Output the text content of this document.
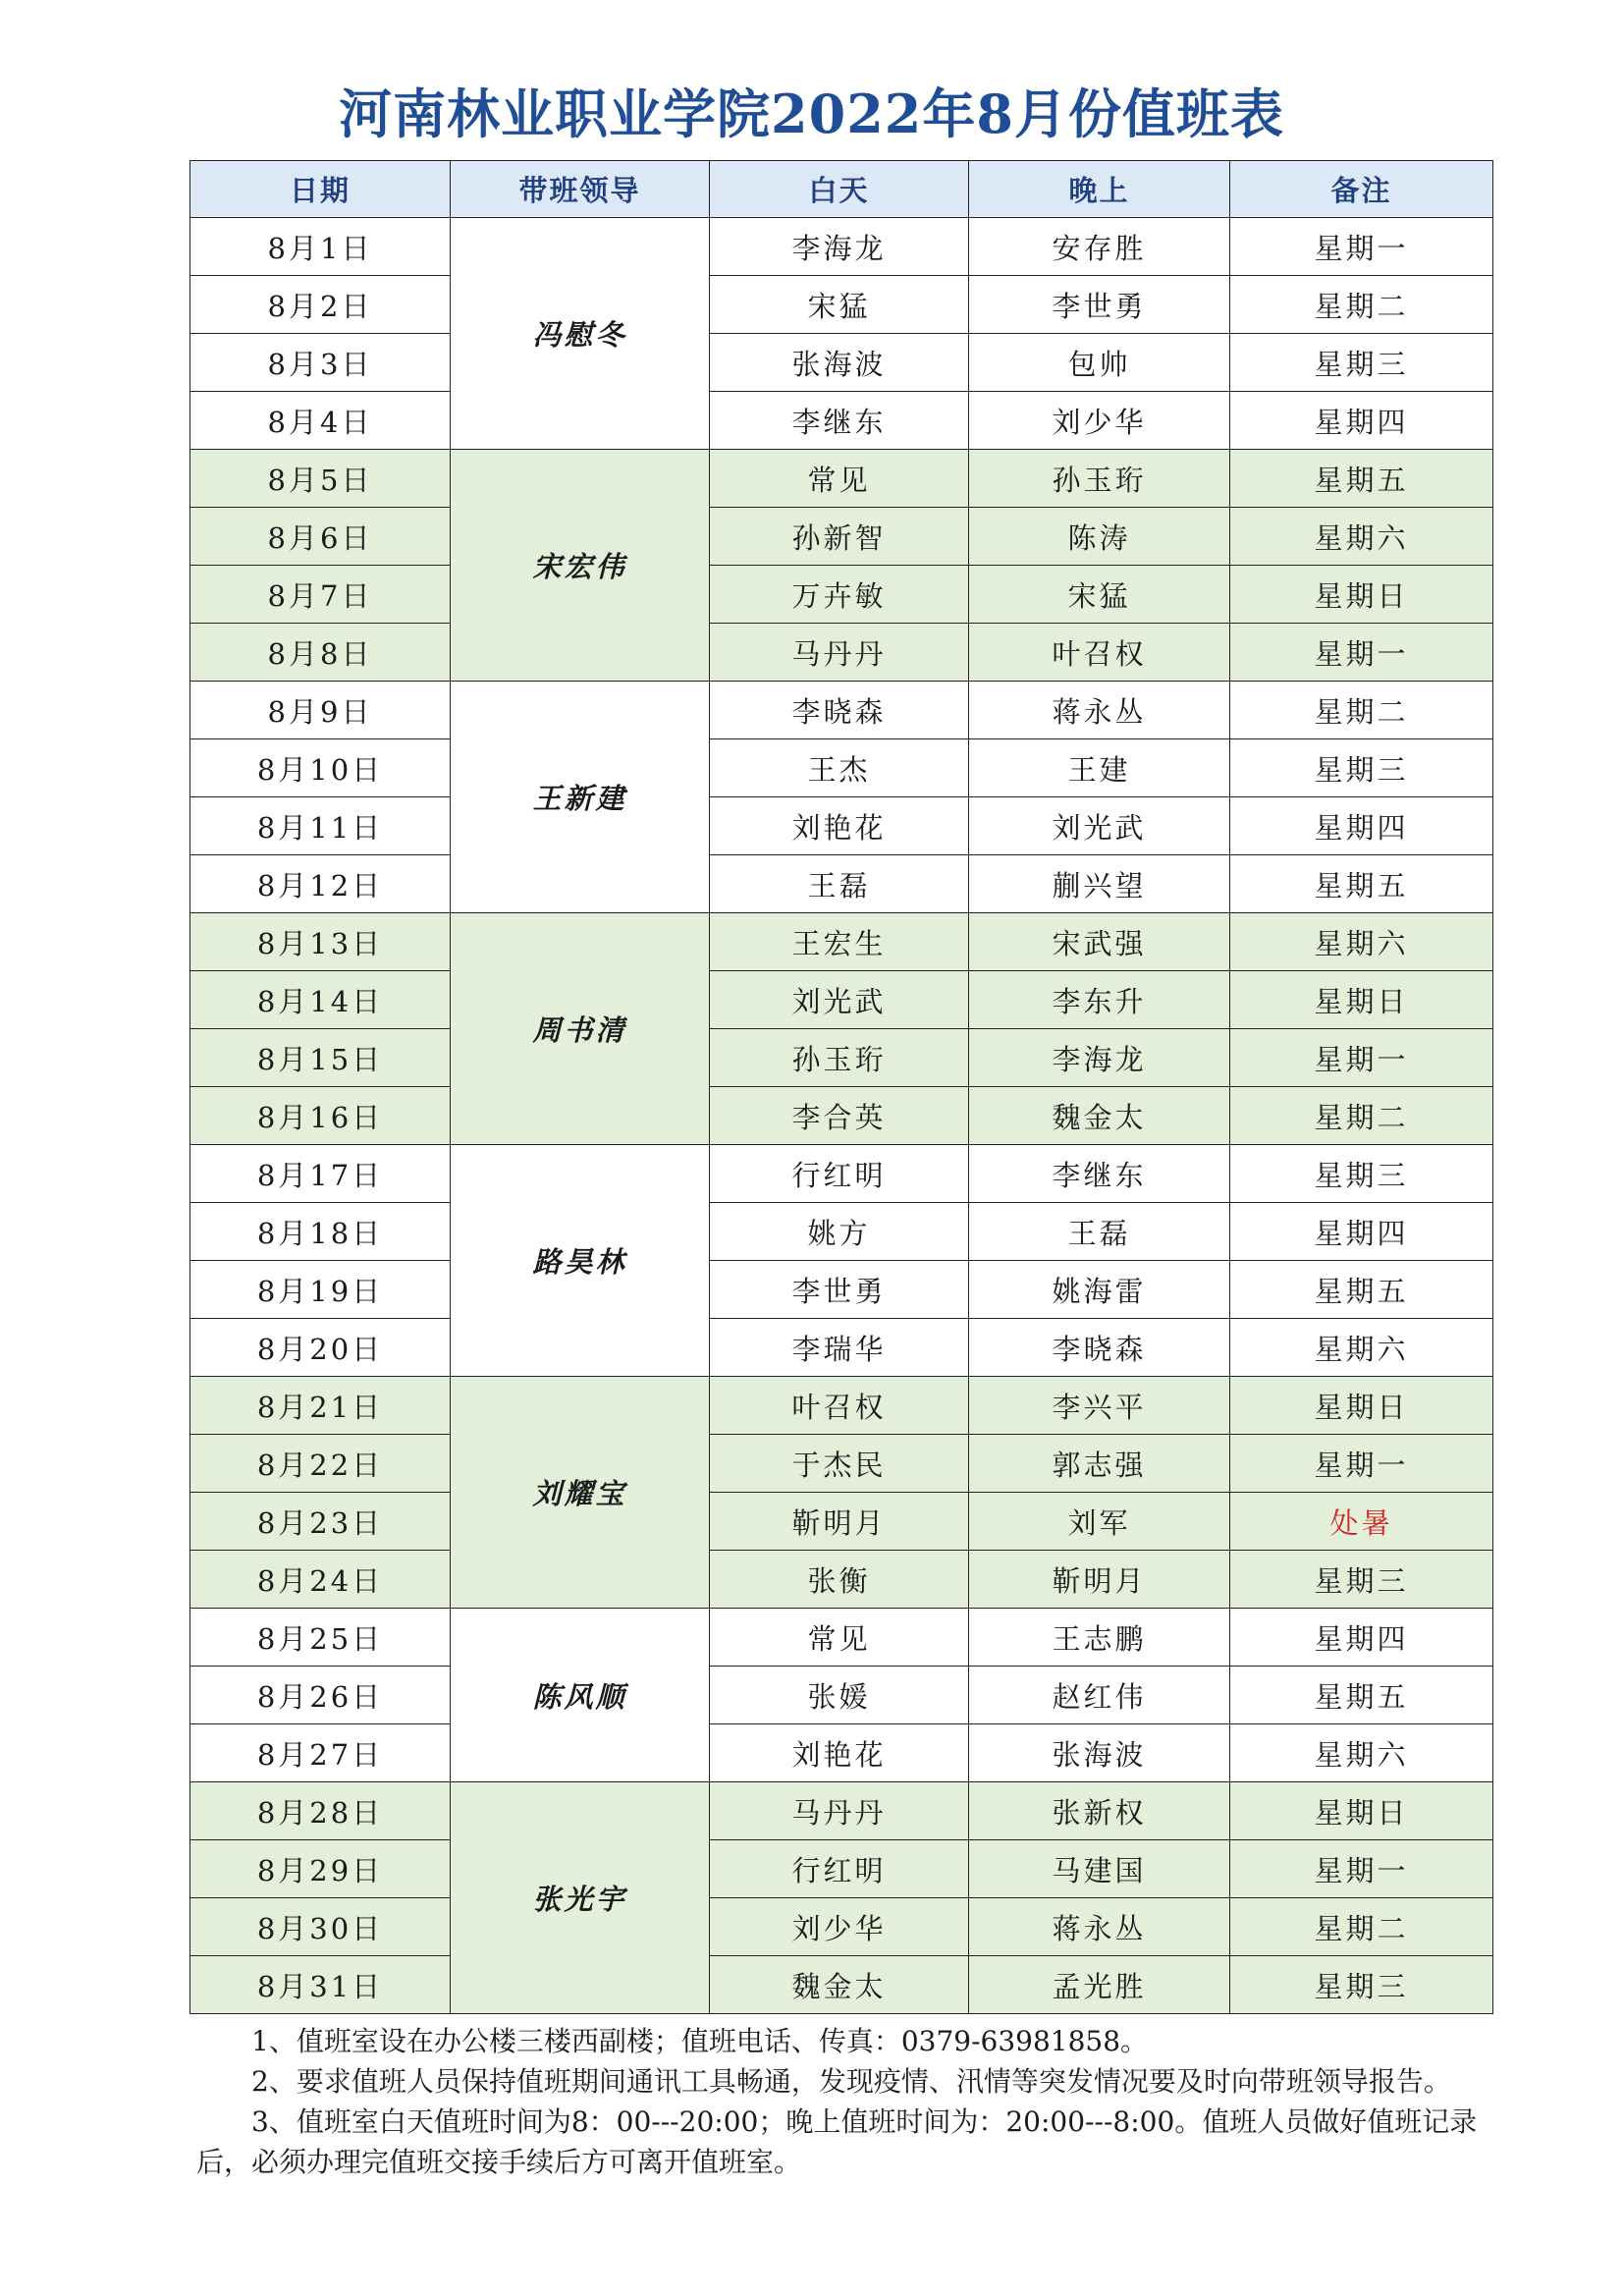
河南林业职业学院2022年8月份值班表
日期	带班领导	白天	晚上	备注
8月1日	冯慰冬	李海龙	安存胜	星期一
8月2日		宋猛	李世勇	星期二
8月3日		张海波	包帅	星期三
8月4日		李继东	刘少华	星期四
8月5日	宋宏伟	常见	孙玉珩	星期五
8月6日		孙新智	陈涛	星期六
8月7日		万卉敏	宋猛	星期日
8月8日		马丹丹	叶召权	星期一
8月9日	王新建	李晓森	蒋永丛	星期二
8月10日		王杰	王建	星期三
8月11日		刘艳花	刘光武	星期四
8月12日		王磊	蒯兴望	星期五
8月13日	周书清	王宏生	宋武强	星期六
8月14日		刘光武	李东升	星期日
8月15日		孙玉珩	李海龙	星期一
8月16日		李合英	魏金太	星期二
8月17日	路昊林	行红明	李继东	星期三
8月18日		姚方	王磊	星期四
8月19日		李世勇	姚海雷	星期五
8月20日		李瑞华	李晓森	星期六
8月21日	刘耀宝	叶召权	李兴平	星期日
8月22日		于杰民	郭志强	星期一
8月23日		靳明月	刘军	处暑
8月24日		张衡	靳明月	星期三
8月25日	陈风顺	常见	王志鹏	星期四
8月26日		张媛	赵红伟	星期五
8月27日		刘艳花	张海波	星期六
8月28日	张光宇	马丹丹	张新权	星期日
8月29日		行红明	马建国	星期一
8月30日		刘少华	蒋永丛	星期二
8月31日		魏金太	孟光胜	星期三

1、值班室设在办公楼三楼西副楼；值班电话、传真：0379-63981858。

2、要求值班人员保持值班期间通讯工具畅通，发现疫情、汛情等突发情况要及时向带班领导报告。

3、值班室白天值班时间为8：00---20:00；晚上值班时间为：20:00---8:00。值班人员做好值班记录后，必须办理完值班交接手续后方可离开值班室。
